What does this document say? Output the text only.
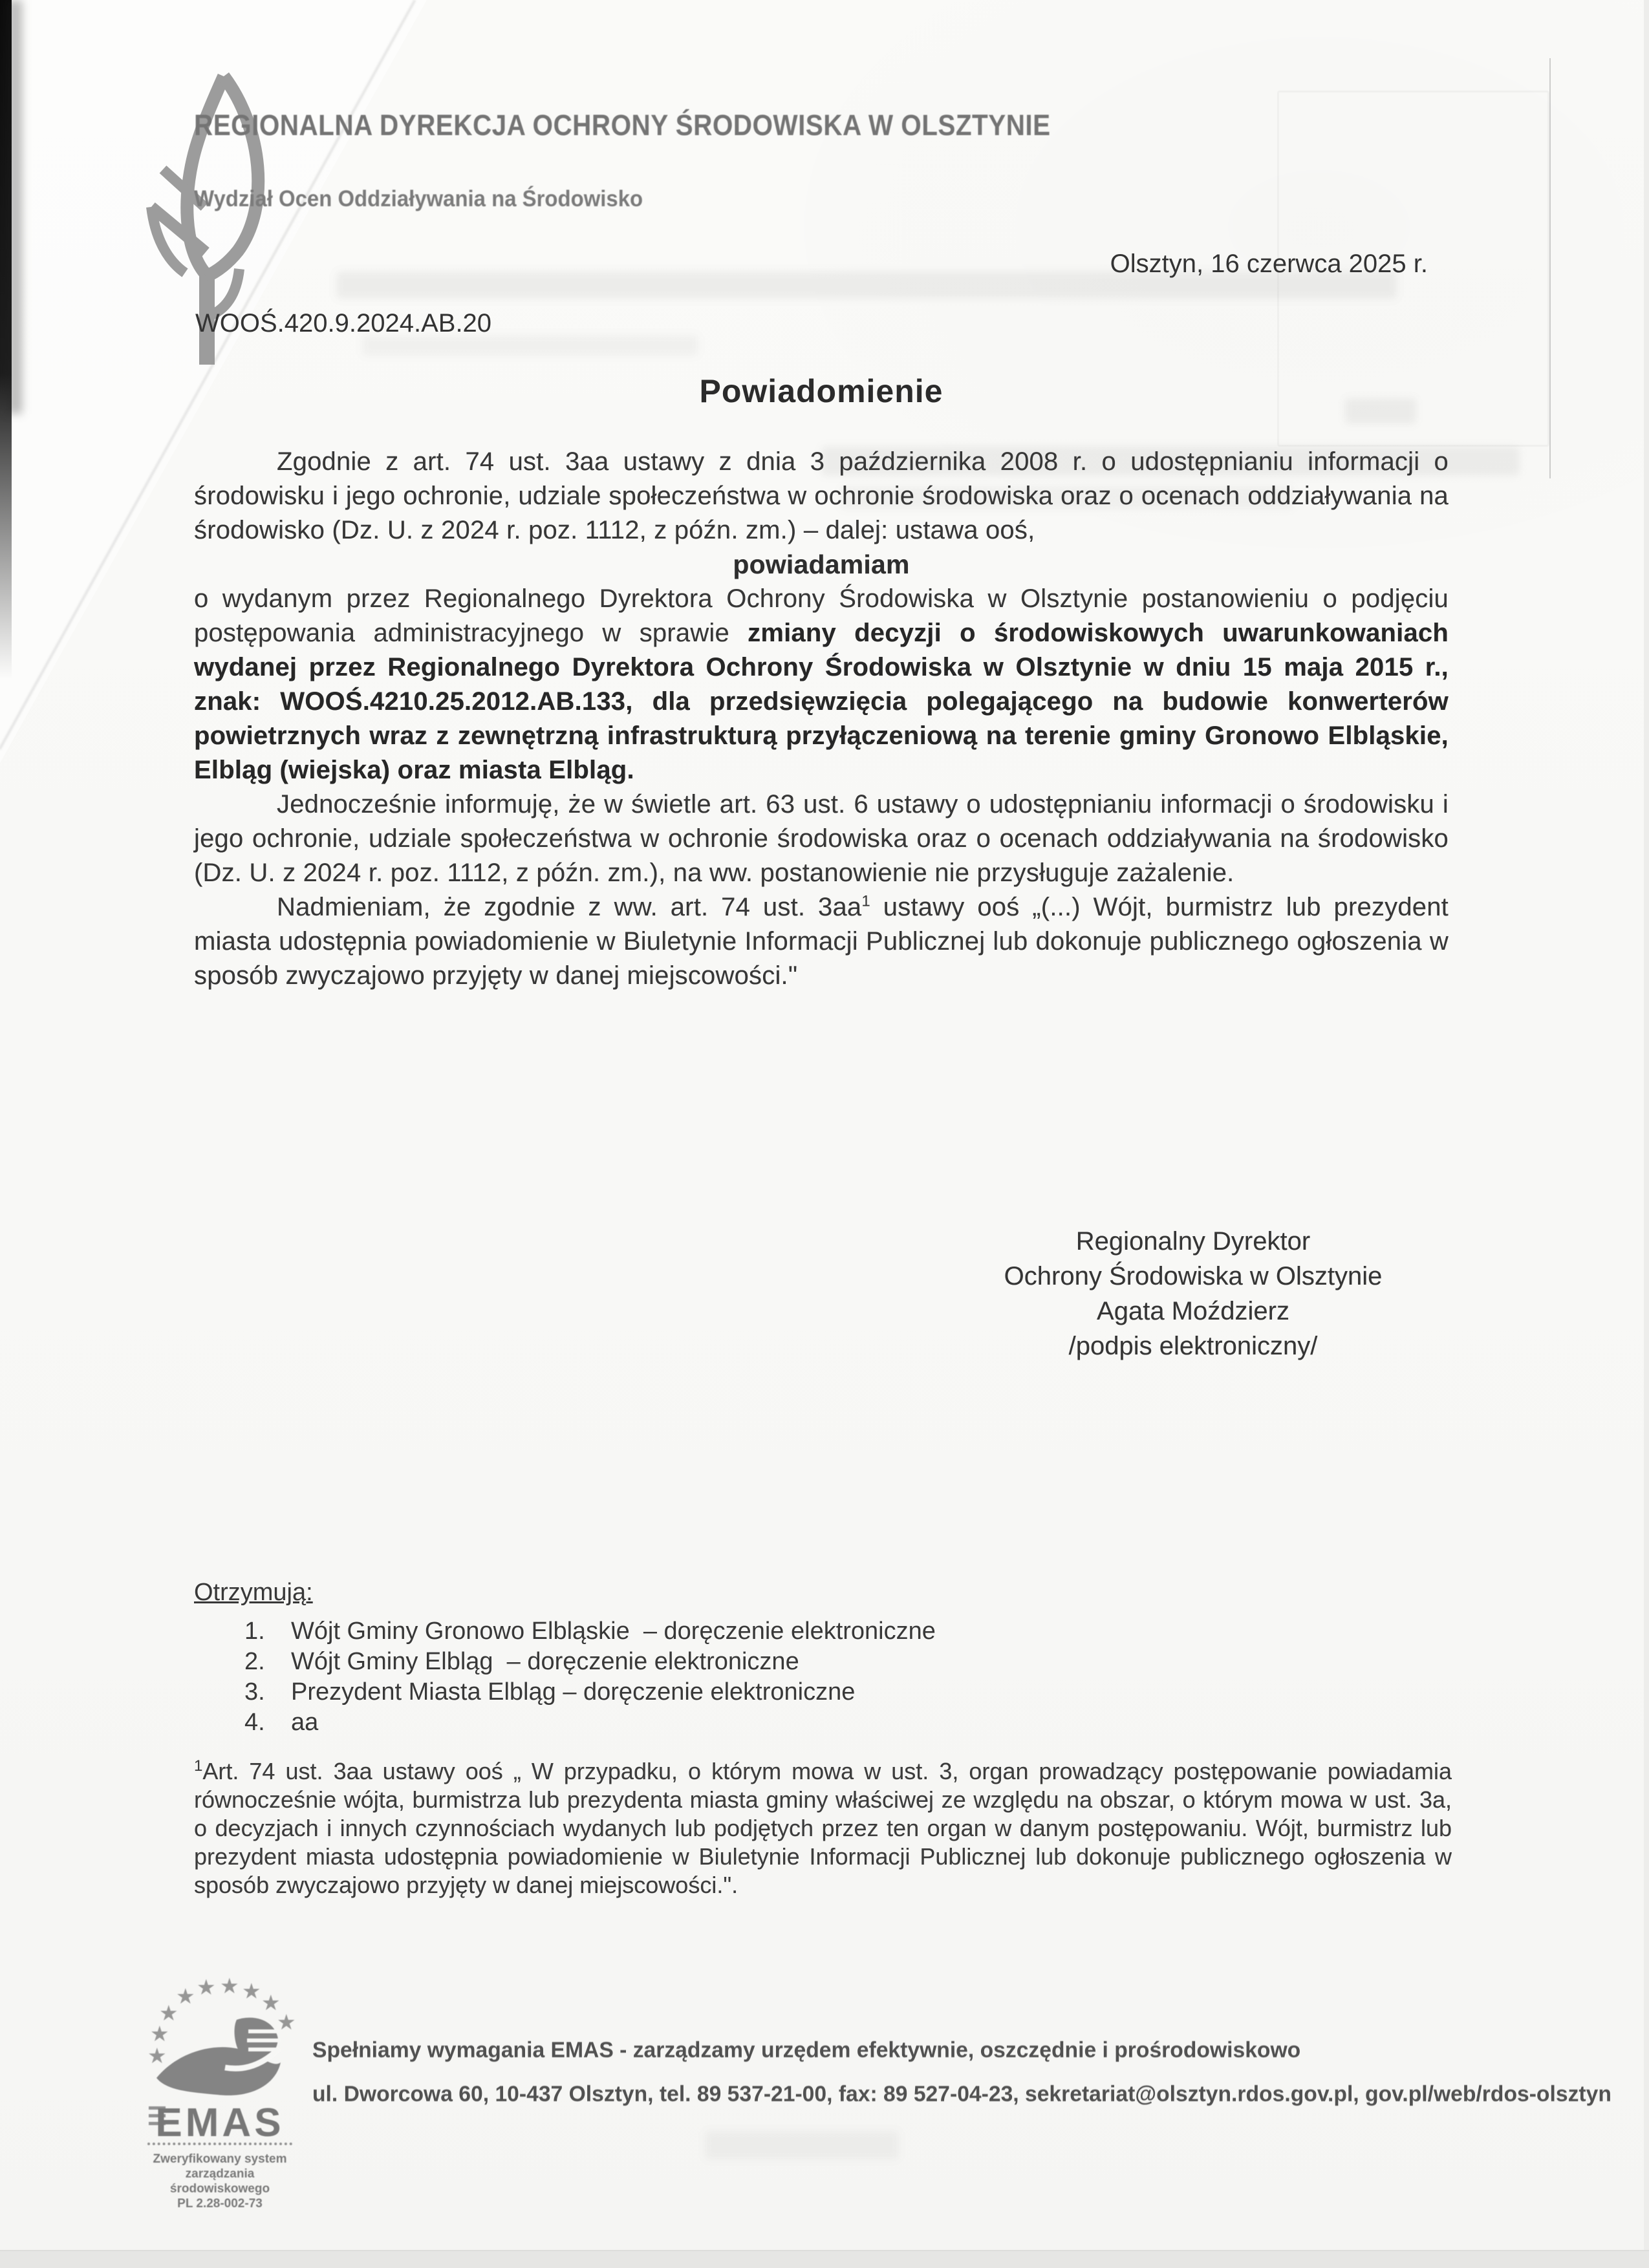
REGIONALNA DYREKCJA OCHRONY ŚRODOWISKA W OLSZTYNIE
Wydział Ocen Oddziaływania na Środowisko
Olsztyn, 16 czerwca 2025 r.
WOOŚ.420.9.2024.AB.20
Powiadomienie

Zgodnie z art. 74 ust. 3aa ustawy z dnia 3 października 2008 r. o udostępnianiu informacji o środowisku i jego ochronie, udziale społeczeństwa w ochronie środowiska oraz o ocenach oddziaływania na środowisko (Dz. U. z 2024 r. poz. 1112, z późn. zm.) – dalej: ustawa ooś,

powiadamiam

o wydanym przez Regionalnego Dyrektora Ochrony Środowiska w Olsztynie postanowieniu o podjęciu postępowania administracyjnego w sprawie zmiany decyzji o środowiskowych uwarunkowaniach wydanej przez Regionalnego Dyrektora Ochrony Środowiska w Olsztynie w dniu 15 maja 2015 r., znak: WOOŚ.4210.25.2012.AB.133, dla przedsięwzięcia polegającego na budowie konwerterów powietrznych wraz z zewnętrzną infrastrukturą przyłączeniową na terenie gminy Gronowo Elbląskie, Elbląg (wiejska) oraz miasta Elbląg.

Jednocześnie informuję, że w świetle art. 63 ust. 6 ustawy o udostępnianiu informacji o środowisku i jego ochronie, udziale społeczeństwa w ochronie środowiska oraz o ocenach oddziaływania na środowisko (Dz. U. z 2024 r. poz. 1112, z późn. zm.), na ww. postanowienie nie przysługuje zażalenie.

Nadmieniam, że zgodnie z ww. art. 74 ust. $3aa^1$ ustawy ooś „(...) Wójt, burmistrz lub prezydent miasta udostępnia powiadomienie w Biuletynie Informacji Publicznej lub dokonuje publicznego ogłoszenia w sposób zwyczajowo przyjęty w danej miejscowości."

Regionalny Dyrektor
Ochrony Środowiska w Olsztynie
Agata Moździerz
/podpis elektroniczny/
Otrzymują:
1.	Wójt Gminy Gronowo Elbląskie  – doręczenie elektroniczne
2.	Wójt Gminy Elbląg  – doręczenie elektroniczne
3.	Prezydent Miasta Elbląg – doręczenie elektroniczne
4.	aa
$^1$Art. 74 ust. 3aa ustawy ooś „ W przypadku, o którym mowa w ust. 3, organ prowadzący postępowanie powiadamia równocześnie wójta, burmistrza lub prezydenta miasta gminy właściwej ze względu na obszar, o którym mowa w ust. 3a, o decyzjach i innych czynnościach wydanych lub podjętych przez ten organ w danym postępowaniu. Wójt, burmistrz lub prezydent miasta udostępnia powiadomienie w Biuletynie Informacji Publicznej lub dokonuje publicznego ogłoszenia w sposób zwyczajowo przyjęty w danej miejscowości.".
★
★
★
★ ★ ★ ★ ★
★
EMAS
Zweryfikowany system
zarządzania
środowiskowego
PL 2.28-002-73
Spełniamy wymagania EMAS - zarządzamy urzędem efektywnie, oszczędnie i prośrodowiskowo
ul. Dworcowa 60, 10-437 Olsztyn, tel. 89 537-21-00, fax: 89 527-04-23, sekretariat@olsztyn.rdos.gov.pl, gov.pl/web/rdos-olsztyn
